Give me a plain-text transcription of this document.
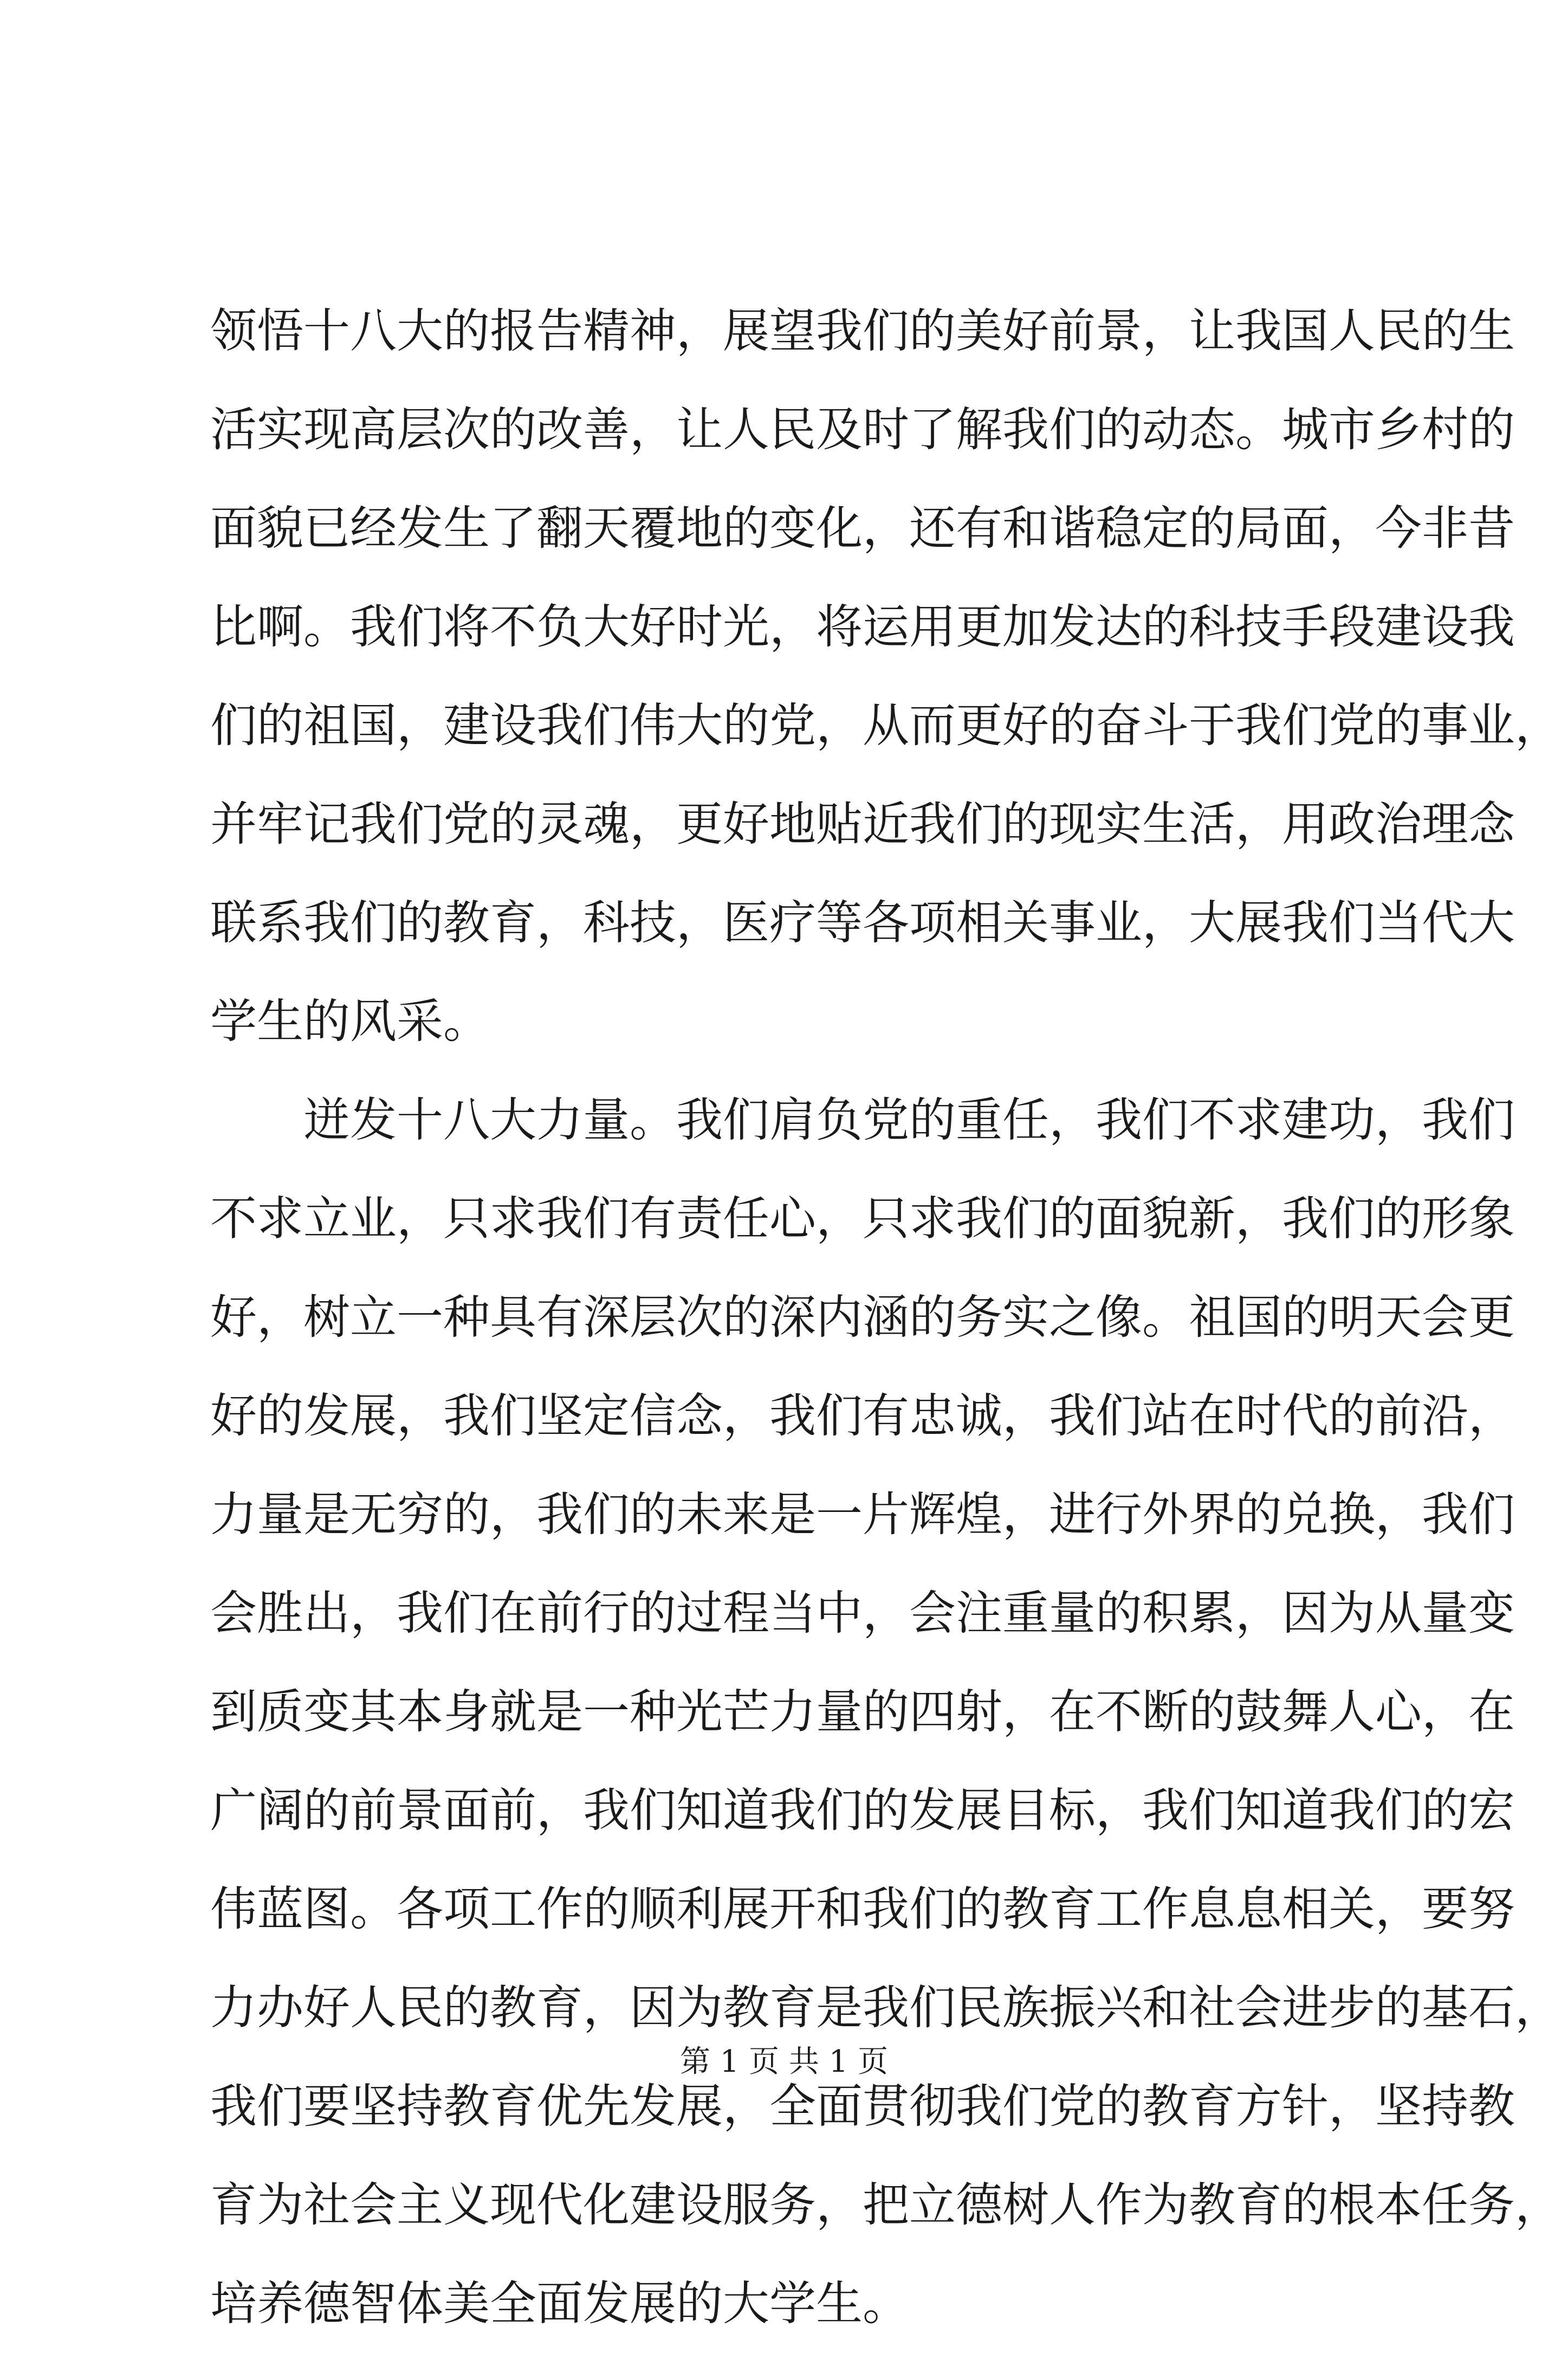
领悟十八大的报告精神，展望我们的美好前景，让我国人民的生
活实现高层次的改善，让人民及时了解我们的动态。城市乡村的
面貌已经发生了翻天覆地的变化，还有和谐稳定的局面，今非昔
比啊。我们将不负大好时光，将运用更加发达的科技手段建设我
们的祖国，建设我们伟大的党，从而更好的奋斗于我们党的事业，
并牢记我们党的灵魂，更好地贴近我们的现实生活，用政治理念
联系我们的教育，科技，医疗等各项相关事业，大展我们当代大
学生的风采。
迸发十八大力量。我们肩负党的重任，我们不求建功，我们
不求立业，只求我们有责任心，只求我们的面貌新，我们的形象
好，树立一种具有深层次的深内涵的务实之像。祖国的明天会更
好的发展，我们坚定信念，我们有忠诚，我们站在时代的前沿，
力量是无穷的，我们的未来是一片辉煌，进行外界的兑换，我们
会胜出，我们在前行的过程当中，会注重量的积累，因为从量变
到质变其本身就是一种光芒力量的四射，在不断的鼓舞人心，在
广阔的前景面前，我们知道我们的发展目标，我们知道我们的宏
伟蓝图。各项工作的顺利展开和我们的教育工作息息相关，要努
力办好人民的教育，因为教育是我们民族振兴和社会进步的基石，
我们要坚持教育优先发展，全面贯彻我们党的教育方针，坚持教
育为社会主义现代化建设服务，把立德树人作为教育的根本任务，
培养德智体美全面发展的大学生。
第 1 页 共 1 页
